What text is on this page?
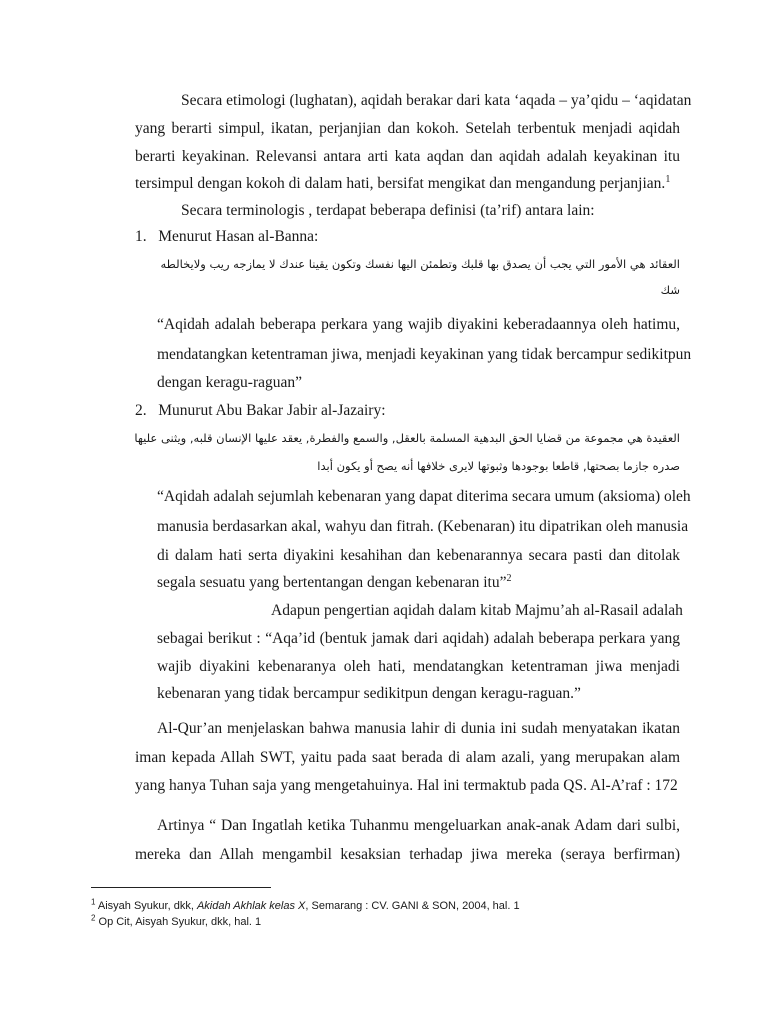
Secara etimologi (lughatan), aqidah berakar dari kata ‘aqada – ya’qidu – ‘aqidatan
yang berarti simpul, ikatan, perjanjian dan kokoh. Setelah terbentuk menjadi aqidah
berarti keyakinan. Relevansi antara arti kata aqdan dan aqidah adalah keyakinan itu
tersimpul dengan kokoh di dalam hati, bersifat mengikat dan mengandung perjanjian.$^1$
Secara terminologis , terdapat beberapa definisi (ta’rif) antara lain:
1.   Menurut Hasan al-Banna:
العقائد هي الأمور التي يجب أن يصدق بها قلبك وتطمئن اليها نفسك وتكون يقينا عندك لا يمازجه ريب ولايخالطه
شك
“Aqidah adalah beberapa perkara yang wajib diyakini keberadaannya oleh hatimu,
mendatangkan ketentraman jiwa, menjadi keyakinan yang tidak bercampur sedikitpun
dengan keragu-raguan”
2.   Munurut Abu Bakar Jabir al-Jazairy:
العقيدة هي مجموعة من قضايا الحق البدهية المسلمة بالعقل, والسمع والفطرة, يعقد عليها الإنسان قلبه, ويثنى عليها
صدره جازما بصحتها, قاطعا بوجودها وثبوتها لايرى خلافها أنه يصح أو يكون أبدا
“Aqidah adalah sejumlah kebenaran yang dapat diterima secara umum (aksioma) oleh
manusia berdasarkan akal, wahyu dan fitrah. (Kebenaran) itu dipatrikan oleh manusia
di dalam hati serta diyakini kesahihan dan kebenarannya secara pasti dan ditolak
segala sesuatu yang bertentangan dengan kebenaran itu”$^2$
Adapun pengertian aqidah dalam kitab Majmu’ah al-Rasail adalah
sebagai berikut : “Aqa’id (bentuk jamak dari aqidah) adalah beberapa perkara yang
wajib diyakini kebenaranya oleh hati, mendatangkan ketentraman jiwa menjadi
kebenaran yang tidak bercampur sedikitpun dengan keragu-raguan.”
Al-Qur’an menjelaskan bahwa manusia lahir di dunia ini sudah menyatakan ikatan
iman kepada Allah SWT, yaitu pada saat berada di alam azali, yang merupakan alam
yang hanya Tuhan saja yang mengetahuinya. Hal ini termaktub pada QS. Al-A’raf : 172
Artinya “ Dan Ingatlah ketika Tuhanmu mengeluarkan anak-anak Adam dari sulbi,
mereka dan Allah mengambil kesaksian terhadap jiwa mereka (seraya berfirman)
$^1$ Aisyah Syukur, dkk, Akidah Akhlak kelas X, Semarang : CV. GANI & SON, 2004, hal. 1
$^2$ Op Cit, Aisyah Syukur, dkk, hal. 1
